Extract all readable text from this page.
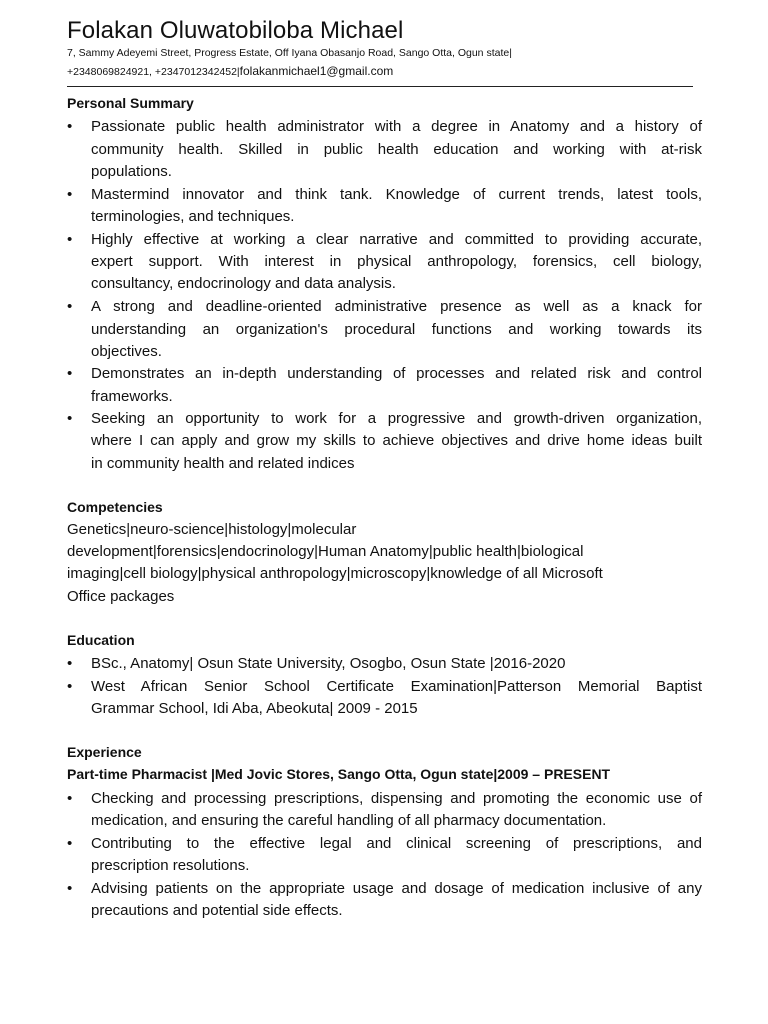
Folakan Oluwatobiloba Michael
7, Sammy Adeyemi Street, Progress Estate, Off Iyana Obasanjo Road, Sango Otta, Ogun state|
+2348069824921, +2347012342452|folakanmichael1@gmail.com
Personal Summary
• Passionate public health administrator with a degree in Anatomy and a history of
community health. Skilled in public health education and working with at-risk
populations.
• Mastermind innovator and think tank. Knowledge of current trends, latest tools,
terminologies, and techniques.
• Highly effective at working a clear narrative and committed to providing accurate,
expert support. With interest in physical anthropology, forensics, cell biology,
consultancy, endocrinology and data analysis.
• A strong and deadline-oriented administrative presence as well as a knack for
understanding an organization's procedural functions and working towards its
objectives.
• Demonstrates an in-depth understanding of processes and related risk and control
frameworks.
• Seeking an opportunity to work for a progressive and growth-driven organization,
where I can apply and grow my skills to achieve objectives and drive home ideas built
in community health and related indices
Competencies
Genetics|neuro-science|histology|molecular
development|forensics|endocrinology|Human Anatomy|public health|biological
imaging|cell biology|physical anthropology|microscopy|knowledge of all Microsoft
Office packages
Education
• BSc., Anatomy| Osun State University, Osogbo, Osun State |2016-2020
• West African Senior School Certificate Examination|Patterson Memorial Baptist
Grammar School, Idi Aba, Abeokuta| 2009 - 2015
Experience
Part-time Pharmacist |Med Jovic Stores, Sango Otta, Ogun state|2009 – PRESENT
• Checking and processing prescriptions, dispensing and promoting the economic use of
medication, and ensuring the careful handling of all pharmacy documentation.
• Contributing to the effective legal and clinical screening of prescriptions, and
prescription resolutions.
• Advising patients on the appropriate usage and dosage of medication inclusive of any
precautions and potential side effects.
